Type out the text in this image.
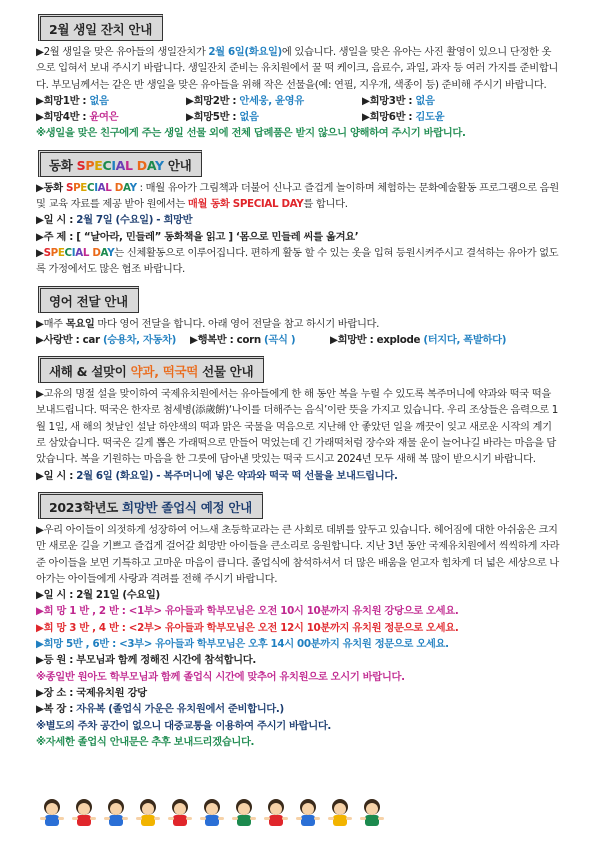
2월 생일 잔치 안내
▶2월 생일을 맞은 유아들의 생일잔치가 2월 6일(화요일)에 있습니다. 생일을 맞은 유아는 사진 촬영이 있으니 단정한 옷으로 입혀서 보내 주시기 바랍니다. 생일잔치 준비는 유치원에서 꿀 떡 케이크, 음료수, 과일, 과자 등 여러 가지를 준비합니다. 부모님께서는 같은 반 생일을 맞은 유아들을 위해 작은 선물을(예: 연필, 지우개, 색종이 등) 준비해 주시기 바랍니다.
▶희망1반 : 없음	▶희망2반 : 안세웅, 윤영유	▶희망3반 : 없음
▶희망4반 : 윤여은	▶희망5반 : 없음	▶희망6반 : 김도윤
※생일을 맞은 친구에게 주는 생일 선물 외에 전체 답례품은 받지 않으니 양해하여 주시기 바랍니다.
동화 SPECIAL DAY 안내
▶동화 SPECIAL DAY : 매월 유아가 그림책과 더불어 신나고 즐겁게 놀이하며 체험하는 문화예술활동 프로그램으로 음원 및 교육 자료를 제공 받아 원에서는 매월 동화 SPECIAL DAY를 합니다.
▶일 시 : 2월 7일 (수요일) - 희망반
▶주 제 : [ “날아라, 민들레” 동화책을 읽고 ] ‘몸으로 민들레 씨를 옮겨요’
▶SPECIAL DAY는 신체활동으로 이루어집니다. 편하게 활동 할 수 있는 옷을 입혀 등원시켜주시고 결석하는 유아가 없도록 가정에서도 많은 협조 바랍니다.
영어 전달 안내
▶매주 목요일 마다 영어 전달을 합니다. 아래 영어 전달을 참고 하시기 바랍니다.
▶사랑반 : car (승용차, 자동차)	▶행복반 : corn (곡식 )	▶희망반 : explode (터지다, 폭발하다)
새해 & 설맞이 약과, 떡국떡 선물 안내
▶고유의 명절 설을 맞이하여 국제유치원에서는 유아들에게 한 해 동안 복을 누릴 수 있도록 복주머니에 약과와 떡국 떡을 보내드립니다. 떡국은 한자로 첨세병(添歲餠)‘나이를 더해주는 음식’이란 뜻을 가지고 있습니다. 우리 조상들은 음력으로 1월 1일, 새 해의 첫날인 설날 하얀색의 떡과 맑은 국물을 먹음으로 지난해 안 좋았던 일을 깨끗이 잊고 새로운 시작의 계기로 삼았습니다. 떡국은 길게 뽑은 가래떡으로 만들어 먹었는데 긴 가래떡처럼 장수와 재물 운이 늘어나길 바라는 마음을 담았습니다. 복을 기원하는 마음을 한 그릇에 담아낸 맛있는 떡국 드시고 2024년 모두 새해 복 많이 받으시기 바랍니다.
▶일 시 : 2월 6일 (화요일) - 복주머니에 넣은 약과와 떡국 떡 선물을 보내드립니다.
2023학년도 희망반 졸업식 예정 안내
▶우리 아이들이 의젓하게 성장하여 어느새 초등학교라는 큰 사회로 데뷔를 앞두고 있습니다. 헤어짐에 대한 아쉬움은 크지만 새로운 길을 기쁘고 즐겁게 걸어갈 희망반 아이들을 큰소리로 응원합니다. 지난 3년 동안 국제유치원에서 씩씩하게 자라준 아이들을 보면 기특하고 고마운 마음이 큽니다. 졸업식에 참석하셔서 더 많은 배움을 얻고자 힘차게 더 넓은 세상으로 나아가는 아이들에게 사랑과 격려를 전해 주시기 바랍니다.
▶일 시 : 2월 21일 (수요일)
▶희 망 1 반 , 2 반 : <1부> 유아들과 학부모님은 오전 10시 10분까지 유치원 강당으로 오세요.
▶희 망 3 반 , 4 반 : <2부> 유아들과 학부모님은 오전 12시 10분까지 유치원 정문으로 오세요.
▶희망 5반 , 6반 : <3부> 유아들과 학부모님은 오후 14시 00분까지 유치원 정문으로 오세요.
▶등 원 : 부모님과 함께 정해진 시간에 참석합니다.
※종일반 원아도 학부모님과 함께 졸업식 시간에 맞추어 유치원으로 오시기 바랍니다.
▶장 소 : 국제유치원 강당
▶복 장 : 자유복 (졸업식 가운은 유치원에서 준비합니다.)
※별도의 주차 공간이 없으니 대중교통을 이용하여 주시기 바랍니다.
※자세한 졸업식 안내문은 추후 보내드리겠습니다.
